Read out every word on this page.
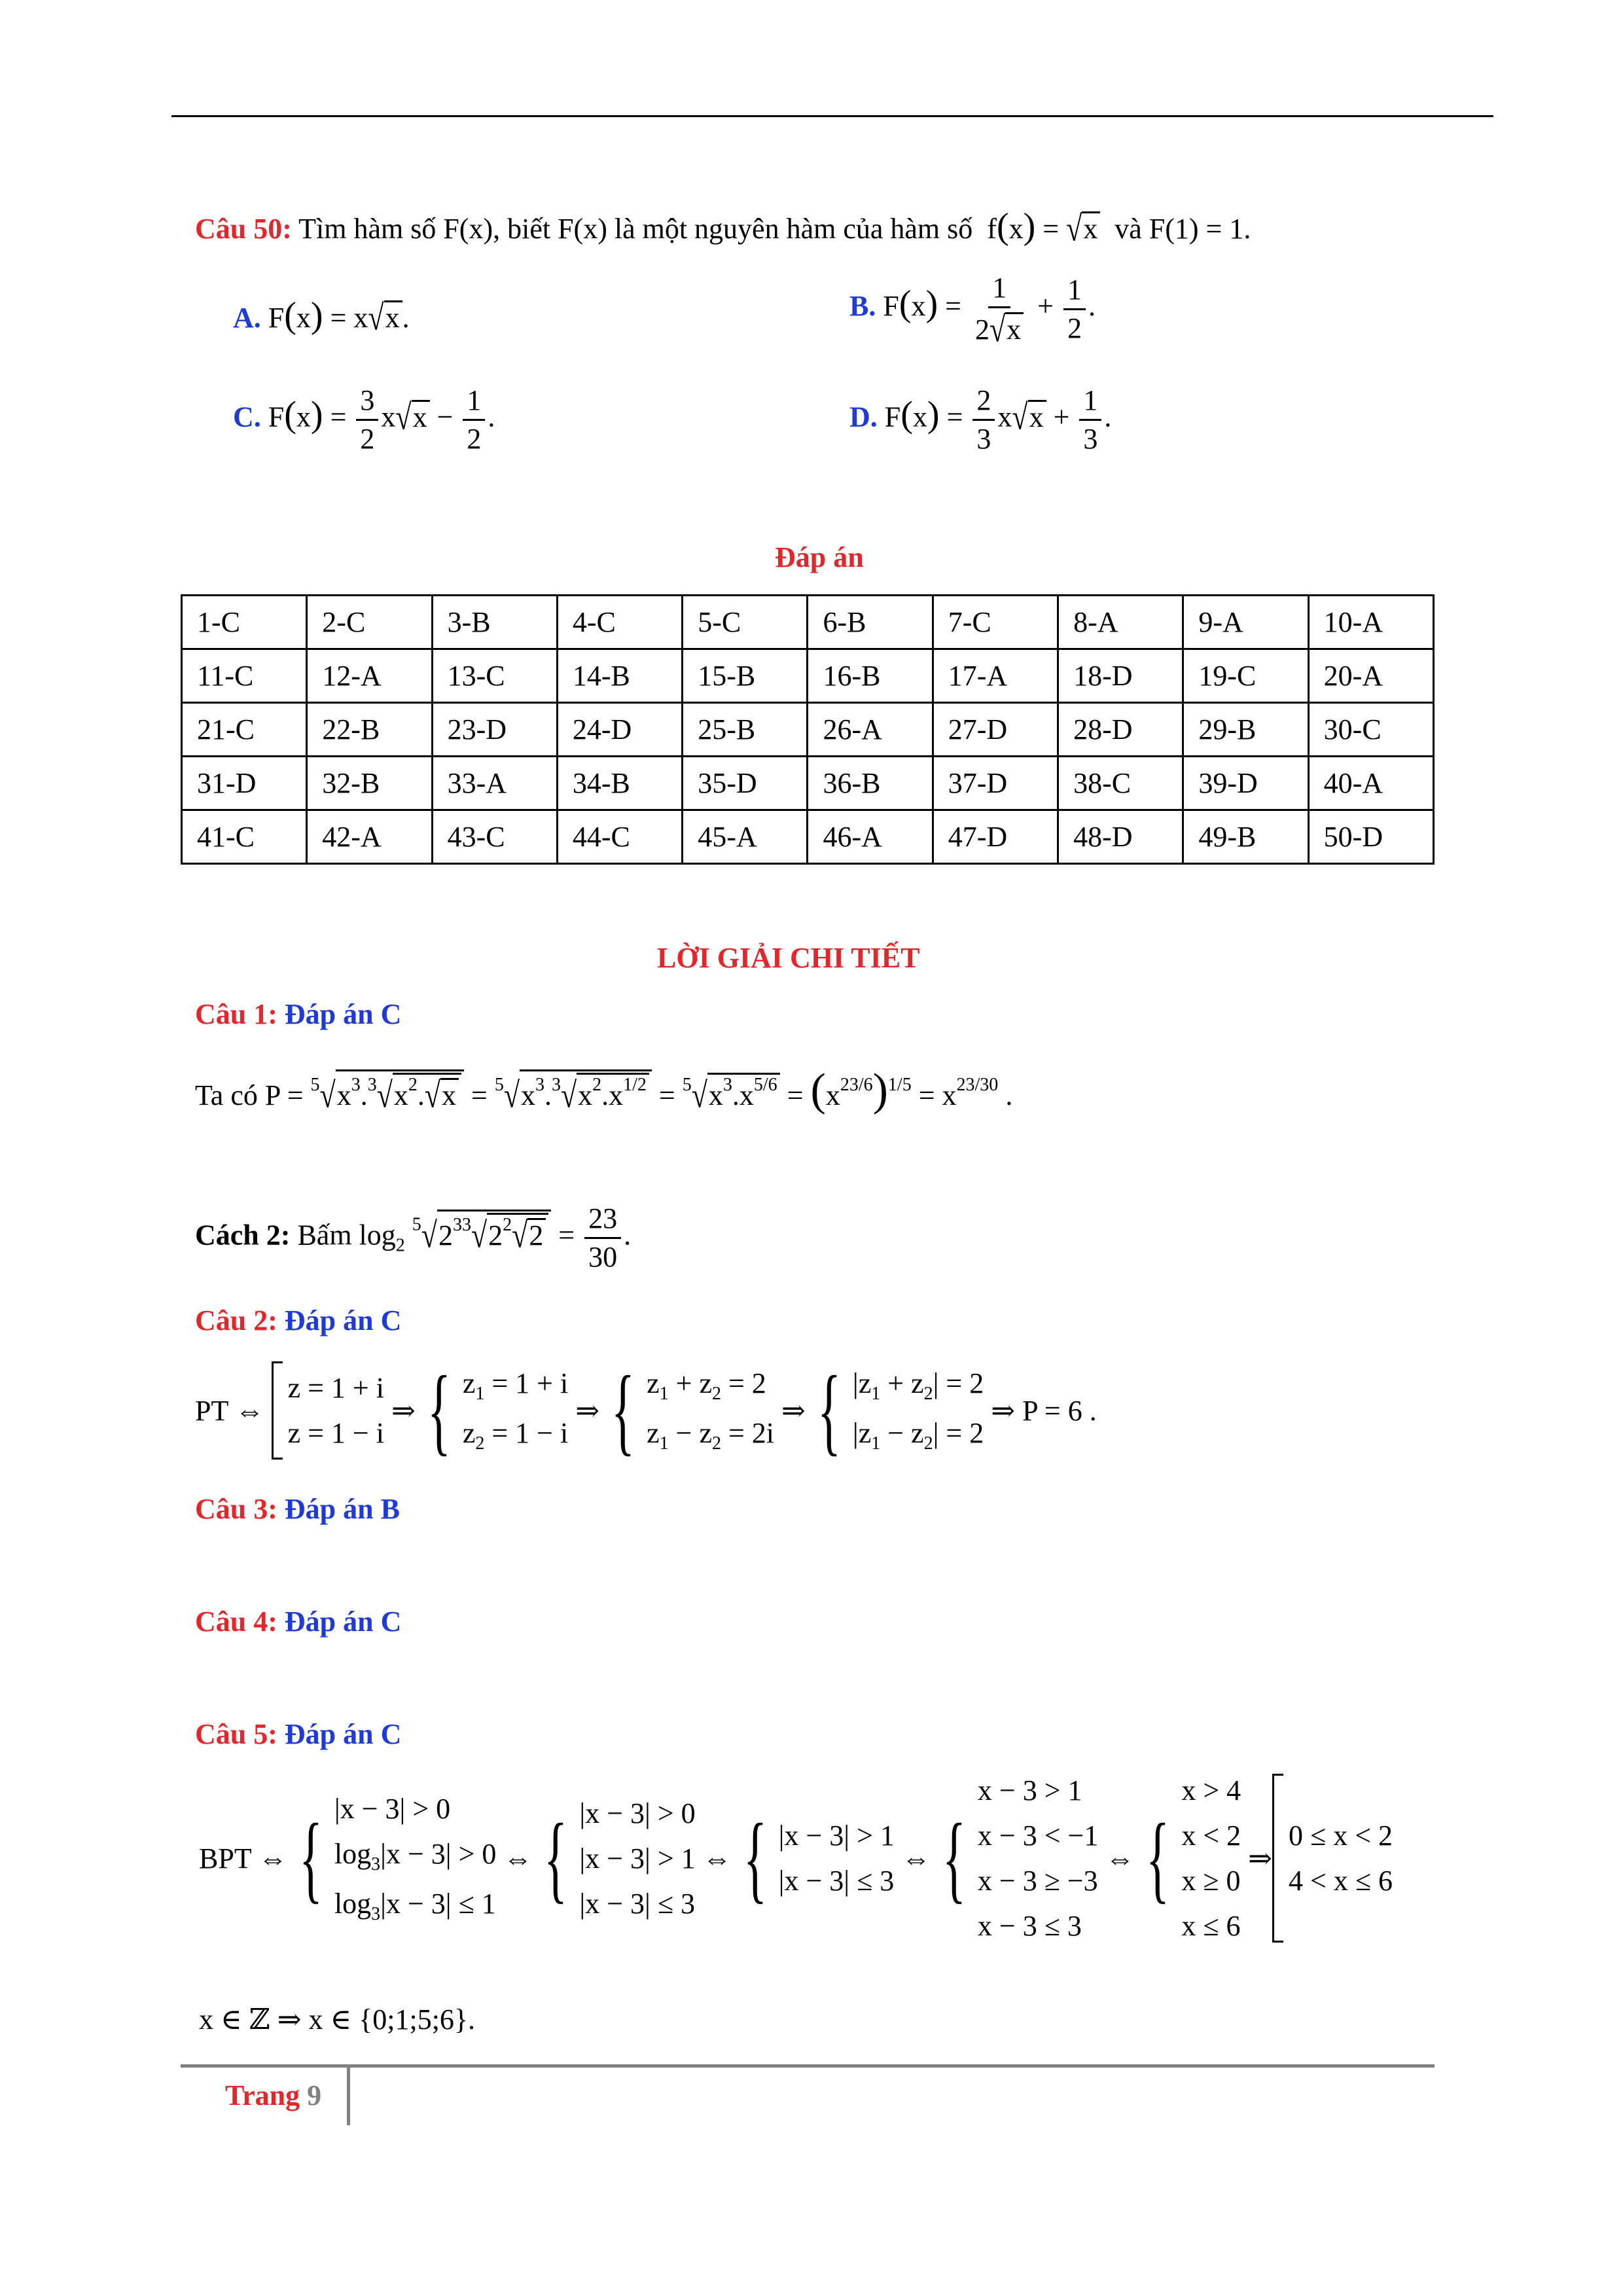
Câu 50: Tìm hàm số F(x), biết F(x) là một nguyên hàm của hàm số  f(x) = √x và F(1) = 1.
A. F(x) = x√x.	B. $F(x) = \frac{1}{2√x} + \frac{1}{2}$ .
C. $F(x) = \frac{3}{2} x√x - \frac{1}{2}$ .	D. $F(x) = \frac{2}{3} x√x + \frac{1}{3}$ .
Đáp án
1-C	2-C	3-B	4-C	5-C	6-B	7-C	8-A	9-A	10-A
11-C	12-A	13-C	14-B	15-B	16-B	17-A	18-D	19-C	20-A
21-C	22-B	23-D	24-D	25-B	26-A	27-D	28-D	29-B	30-C
31-D	32-B	33-A	34-B	35-D	36-B	37-D	38-C	39-D	40-A
41-C	42-A	43-C	44-C	45-A	46-A	47-D	48-D	49-B	50-D
LỜI GIẢI CHI TIẾT
Câu 1: Đáp án C
Ta có $P = ^5√x^3.^3√x^2.√x = ^5√x^3.^3√x^2.x^{1/2} = ^5√x^3.x^{5/6} = (x^{23/6})^{1/5} = x^{23/30}$ .
Cách 2: Bấm $\log_2 ^5√2^{33}√2^2√2 = \frac{23}{30}$ .
Câu 2: Đáp án C
PT ⇔

z = 1 + i
z = 1 − i
⇒ { $z_1 = 1 + i$
$z_2 = 1 - i$
⇒ { $z_1 + z_2 = 2$
$z_1 - z_2 = 2i$
⇒ { $|z_1 + z_2| = 2$
$|z_1 - z_2| = 2$
⇒ P = 6 .
Câu 3: Đáp án B
Câu 4: Đáp án C
Câu 5: Đáp án C
BPT ⇔ { |x − 3| > 0
$\log_3|x - 3| > 0$
$\log_3|x - 3| \le 1$
⇔ { |x − 3| > 0
|x − 3| > 1
|x − 3| ≤ 3
⇔ { |x − 3| > 1
|x − 3| ≤ 3
⇔ {
x − 3 > 1
x − 3 < −1
x − 3 ≥ −3
x − 3 ≤ 3
⇔ {
x > 4
x < 2
x ≥ 0
x ≤ 6
⇒
0 ≤ x < 2
4 < x ≤ 6
x ∈ ℤ ⇒ x ∈ {0;1;5;6}.
Trang 9
